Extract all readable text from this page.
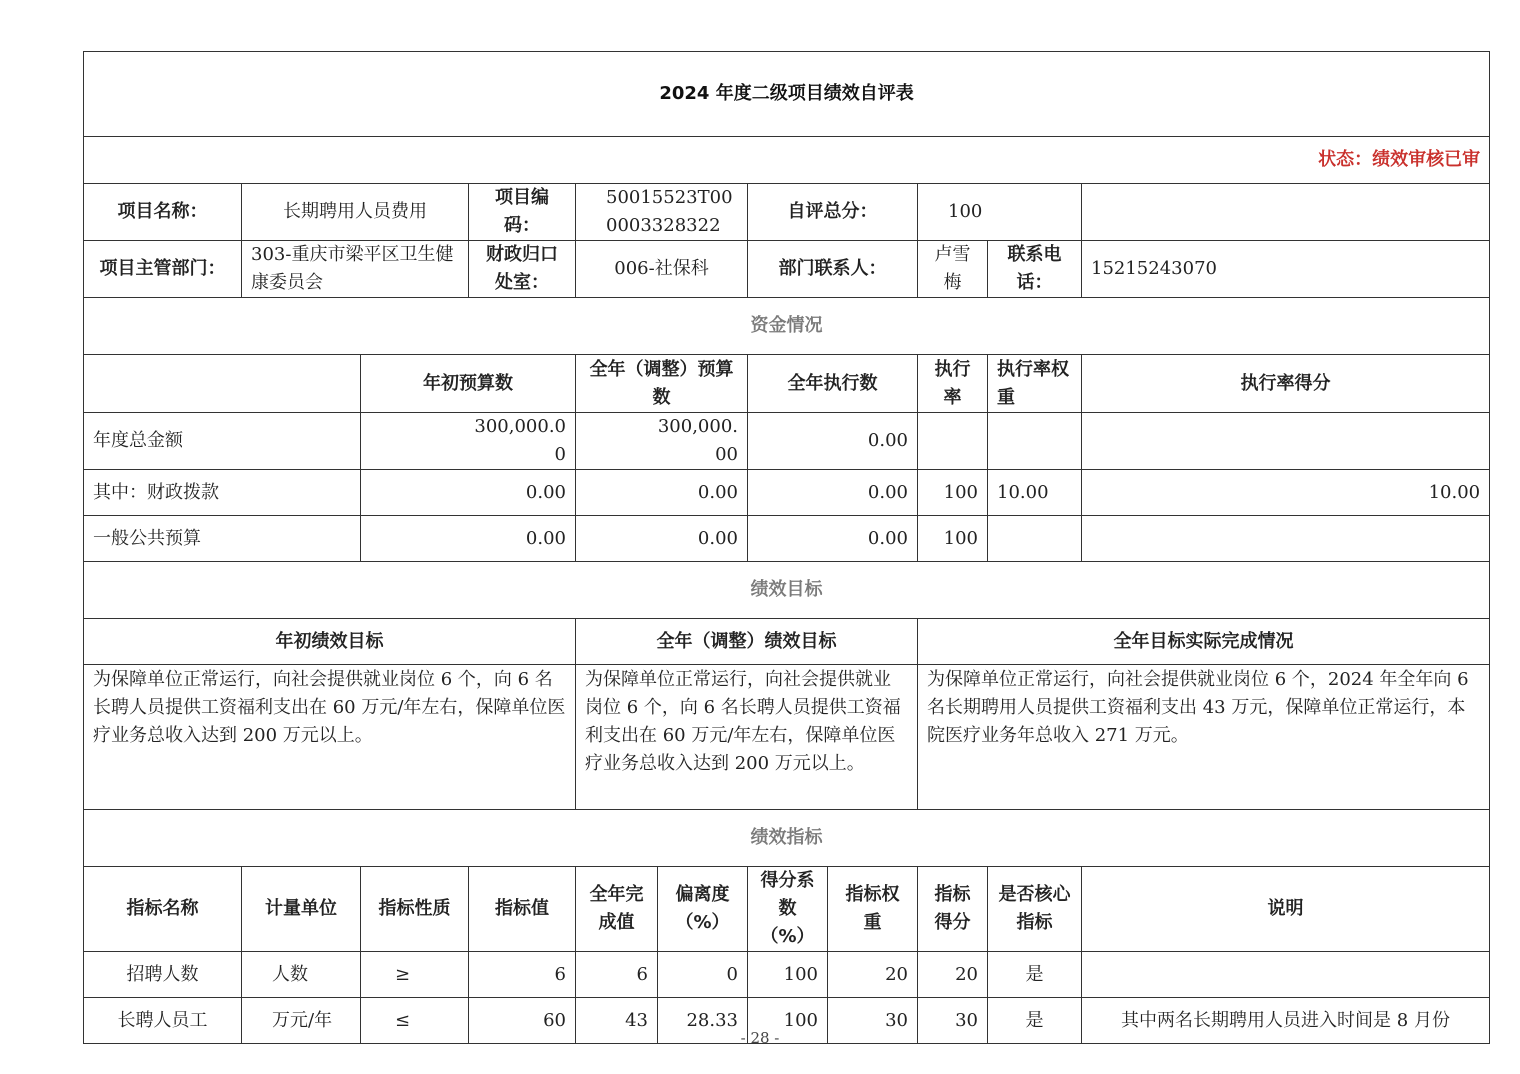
2024 年度二级项目绩效自评表								
状态：绩效审核已审								
项目名称：	长期聘用人员费用		项目编码：	50015523T000003328322	自评总分：	100		
项目主管部门：	303-重庆市梁平区卫生健康委员会		财政归口处室：	006-社保科	部门联系人：	卢雪梅	联系电话：	15215243070
资金情况								
		年初预算数		全年（调整）预算数	全年执行数	执行率	执行率权重	执行率得分
年度总金额		300,000.00		300,000.00	0.00			
其中：财政拨款		0.00		0.00	0.00	100	10.00	10.00
一般公共预算		0.00		0.00	0.00	100		
绩效目标								
年初绩效目标				全年（调整）绩效目标		全年目标实际完成情况		
为保障单位正常运行，向社会提供就业岗位 6 个，向 6 名长聘人员提供工资福利支出在 60 万元/年左右，保障单位医疗业务总收入达到 200 万元以上。				为保障单位正常运行，向社会提供就业岗位 6 个，向 6 名长聘人员提供工资福利支出在 60 万元/年左右，保障单位医疗业务总收入达到 200 万元以上。		为保障单位正常运行，向社会提供就业岗位 6 个，2024 年全年向 6 名长期聘用人员提供工资福利支出 43 万元，保障单位正常运行，本院医疗业务年总收入 271 万元。		
绩效指标								
指标名称	计量单位	指标性质	指标值	全年完成值	偏离度（%）	得分系数（%）	指标权重	指标得分	是否核心指标	说明
招聘人数	人数	≥	6	6	0	100	20	20	是	
长聘人员工	万元/年	≤	60	43	28.33	100	30	30	是	其中两名长期聘用人员进入时间是 8 月份
- 28 -
